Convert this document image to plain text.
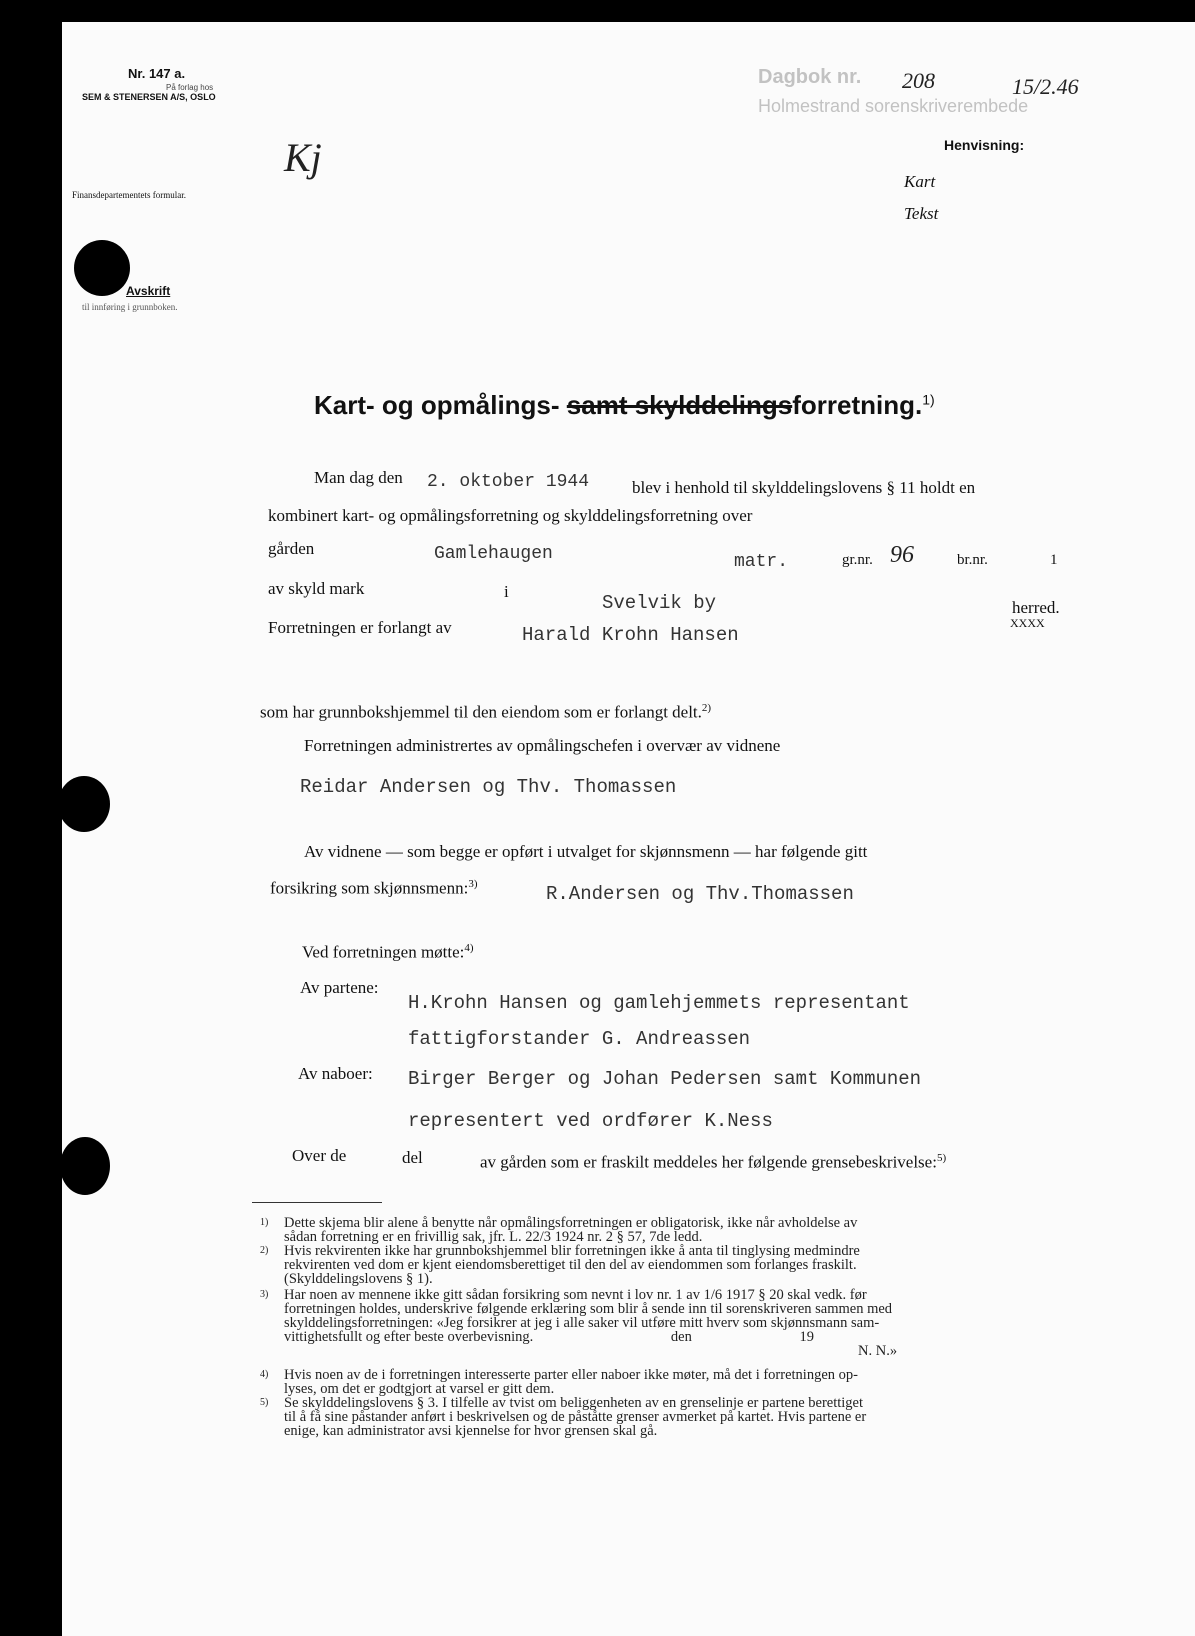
Nr. 147 a.
På forlag hos
SEM & STENERSEN A/S, OSLO
Finansdepartementets formular.
Avskrift
til innføring i grunnboken.
Kj
Dagbok nr. 208	15/2.46
Holmestrand sorenskriverembede
Henvisning:
Kart
Tekst
Kart- og opmålings- samt skylddelingsforretning.$^{1)}$
Man dag den 2. oktober 1944	blev i henhold til skylddelingslovens § 11 holdt en
kombinert kart- og opmålingsforretning og skylddelingsforretning over
gården	Gamlehaugen	matr.	gr.nr. 96	br.nr.	1
av skyld mark	i
Svelvik by	herred.
XXXX
Forretningen er forlangt av	Harald Krohn Hansen
som har grunnbokshjemmel til den eiendom som er forlangt delt.$^{2)}$
Forretningen administrertes av opmålingschefen i overvær av vidnene
Reidar Andersen og Thv. Thomassen
Av vidnene — som begge er opført i utvalget for skjønnsmenn — har følgende gitt
forsikring som skjønnsmenn:$^{3)}$	R.Andersen og Thv.Thomassen
Ved forretningen møtte:$^{4)}$
Av partene:
H.Krohn Hansen og gamlehjemmets representant
fattigforstander G. Andreassen
Av naboer: Birger Berger og Johan Pedersen samt Kommunen
representert ved ordfører K.Ness
Over de	del	av gården som er fraskilt meddeles her følgende grensebeskrivelse:$^{5)}$
1) Dette skjema blir alene å benytte når opmålingsforretningen er obligatorisk, ikke når avholdelse av
sådan forretning er en frivillig sak, jfr. L. 22/3 1924 nr. 2 § 57, 7de ledd.
2) Hvis rekvirenten ikke har grunnbokshjemmel blir forretningen ikke å anta til tinglysing medmindre
rekvirenten ved dom er kjent eiendomsberettiget til den del av eiendommen som forlanges fraskilt.
(Skylddelingslovens § 1).
3) Har noen av mennene ikke gitt sådan forsikring som nevnt i lov nr. 1 av 1/6 1917 § 20 skal vedk. før
forretningen holdes, underskrive følgende erklæring som blir å sende inn til sorenskriveren sammen med
skylddelingsforretningen: «Jeg forsikrer at jeg i alle saker vil utføre mitt hverv som skjønnsmann sam-
vittighetsfullt og efter beste overbevisning.	den	19
N. N.»
4) Hvis noen av de i forretningen interesserte parter eller naboer ikke møter, må det i forretningen op-
lyses, om det er godtgjort at varsel er gitt dem.
5) Se skylddelingslovens § 3. I tilfelle av tvist om beliggenheten av en grenselinje er partene berettiget
til å få sine påstander anført i beskrivelsen og de påståtte grenser avmerket på kartet. Hvis partene er
enige, kan administrator avsi kjennelse for hvor grensen skal gå.
